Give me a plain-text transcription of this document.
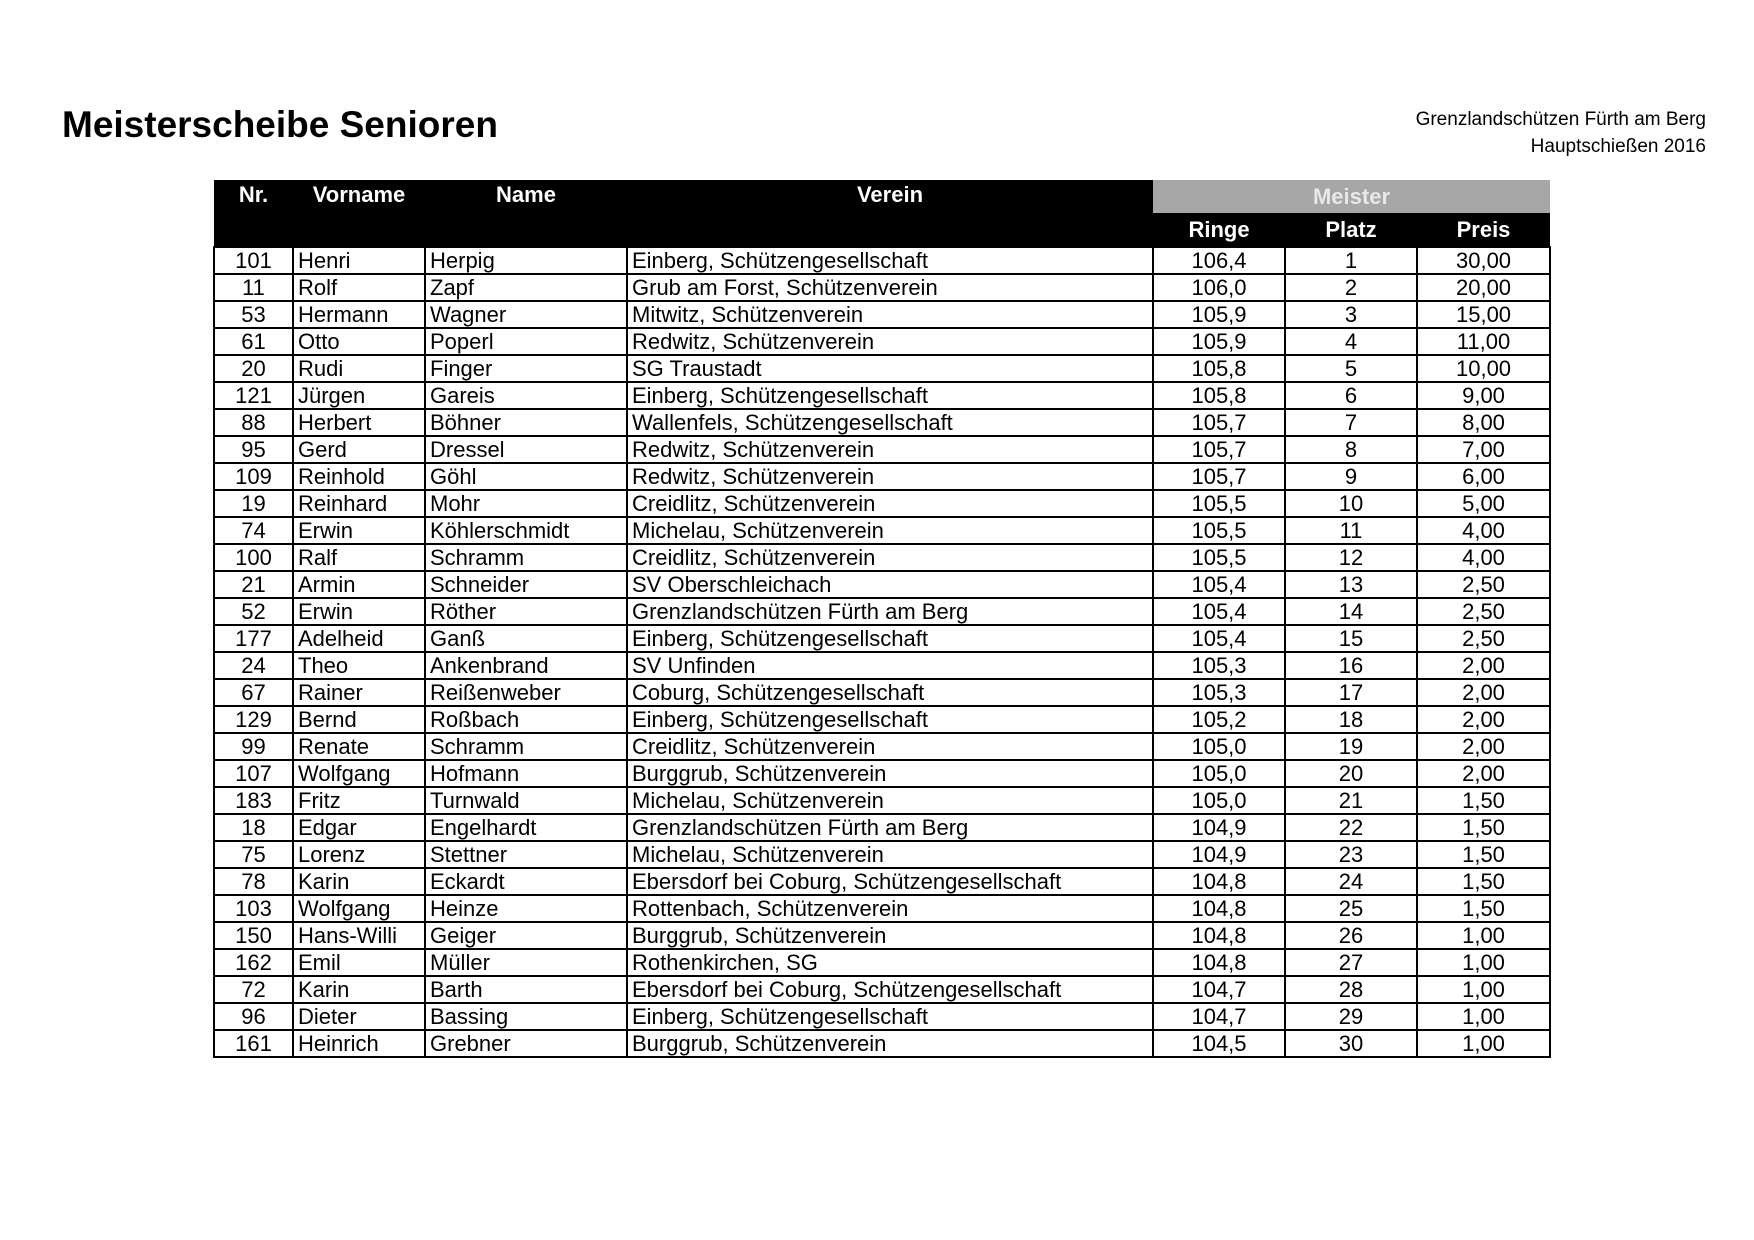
Meisterscheibe Senioren	Grenzlandschützen Fürth am Berg
Hauptschießen 2016
Nr.	Vorname	Name	Verein	Meister		
				Ringe	Platz	Preis
101	Henri	Herpig	Einberg, Schützengesellschaft	106,4	1	30,00
11	Rolf	Zapf	Grub am Forst, Schützenverein	106,0	2	20,00
53	Hermann	Wagner	Mitwitz, Schützenverein	105,9	3	15,00
61	Otto	Poperl	Redwitz, Schützenverein	105,9	4	11,00
20	Rudi	Finger	SG Traustadt	105,8	5	10,00
121	Jürgen	Gareis	Einberg, Schützengesellschaft	105,8	6	9,00
88	Herbert	Böhner	Wallenfels, Schützengesellschaft	105,7	7	8,00
95	Gerd	Dressel	Redwitz, Schützenverein	105,7	8	7,00
109	Reinhold	Göhl	Redwitz, Schützenverein	105,7	9	6,00
19	Reinhard	Mohr	Creidlitz, Schützenverein	105,5	10	5,00
74	Erwin	Köhlerschmidt	Michelau, Schützenverein	105,5	11	4,00
100	Ralf	Schramm	Creidlitz, Schützenverein	105,5	12	4,00
21	Armin	Schneider	SV Oberschleichach	105,4	13	2,50
52	Erwin	Röther	Grenzlandschützen Fürth am Berg	105,4	14	2,50
177	Adelheid	Ganß	Einberg, Schützengesellschaft	105,4	15	2,50
24	Theo	Ankenbrand	SV Unfinden	105,3	16	2,00
67	Rainer	Reißenweber	Coburg, Schützengesellschaft	105,3	17	2,00
129	Bernd	Roßbach	Einberg, Schützengesellschaft	105,2	18	2,00
99	Renate	Schramm	Creidlitz, Schützenverein	105,0	19	2,00
107	Wolfgang	Hofmann	Burggrub, Schützenverein	105,0	20	2,00
183	Fritz	Turnwald	Michelau, Schützenverein	105,0	21	1,50
18	Edgar	Engelhardt	Grenzlandschützen Fürth am Berg	104,9	22	1,50
75	Lorenz	Stettner	Michelau, Schützenverein	104,9	23	1,50
78	Karin	Eckardt	Ebersdorf bei Coburg, Schützengesellschaft	104,8	24	1,50
103	Wolfgang	Heinze	Rottenbach, Schützenverein	104,8	25	1,50
150	Hans-Willi	Geiger	Burggrub, Schützenverein	104,8	26	1,00
162	Emil	Müller	Rothenkirchen, SG	104,8	27	1,00
72	Karin	Barth	Ebersdorf bei Coburg, Schützengesellschaft	104,7	28	1,00
96	Dieter	Bassing	Einberg, Schützengesellschaft	104,7	29	1,00
161	Heinrich	Grebner	Burggrub, Schützenverein	104,5	30	1,00
